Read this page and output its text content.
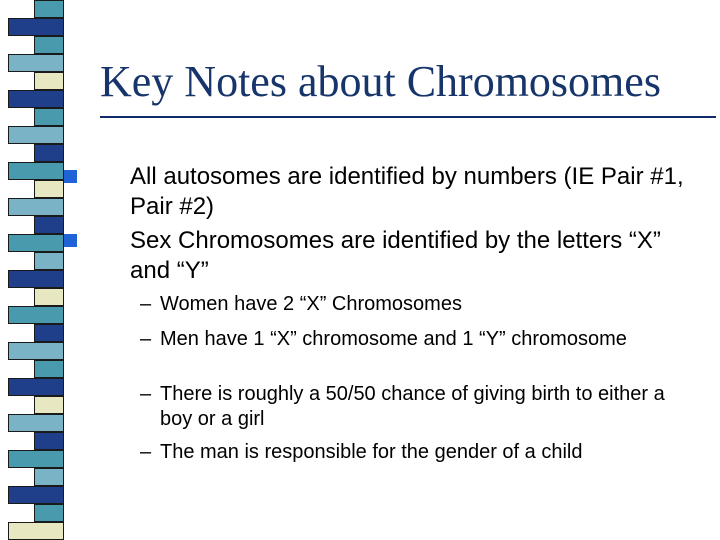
Key Notes about Chromosomes
All autosomes are identified by numbers (IE Pair #1, Pair #2)
Sex Chromosomes are identified by the letters “X” and “Y”
– Women have 2 “X” Chromosomes
– Men have 1 “X” chromosome and 1 “Y” chromosome
– There is roughly a 50/50 chance of giving birth to either a boy or a girl
– The man is responsible for the gender of a child
